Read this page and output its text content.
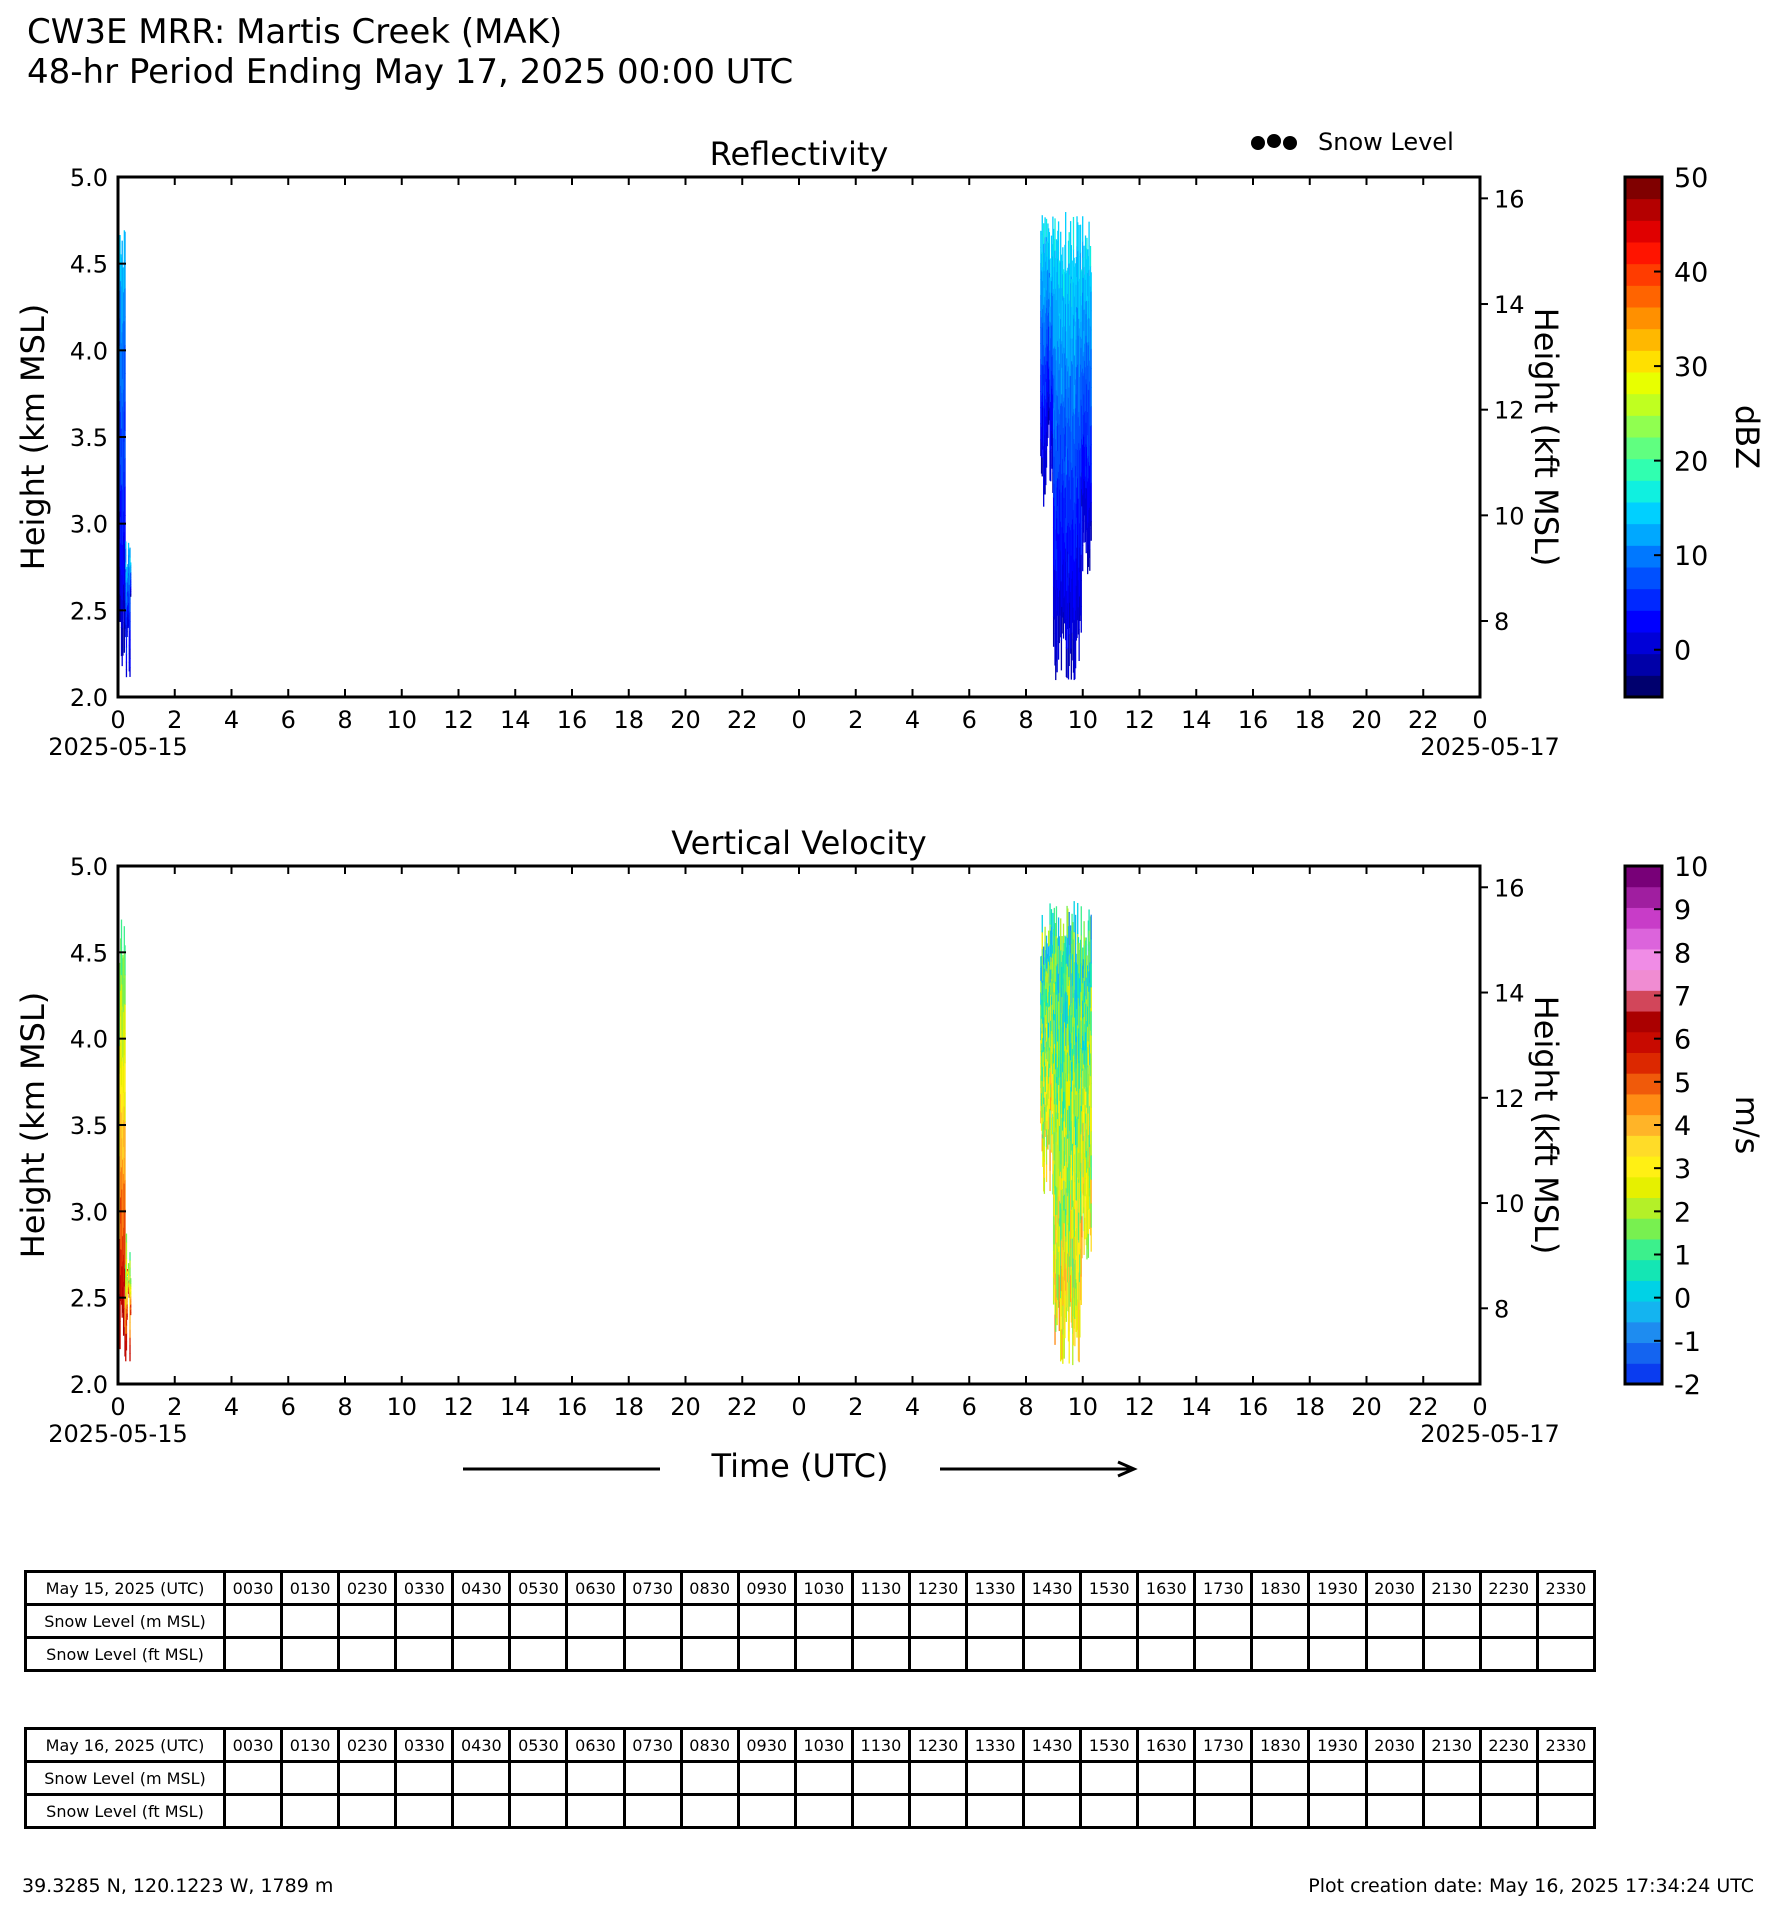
CW3E MRR: Martis Creek (MAK)
48-hr Period Ending May 17, 2025 00:00 UTC
Snow Level
Reflectivity
0 2 4 6 8 10 12 14 16 18 20 22 0 2 4 6 8 10 12 14 16 18 20 22 0
2025-05-15	2025-05-17
2.0
2.5
3.0
3.5
4.0
4.5
5.0
Height (km MSL)
8
10
12
14
16
Height (kft MSL)
0
10
20
30
40
50
dBZ
Vertical Velocity
0 2 4 6 8 10 12 14 16 18 20 22 0 2 4 6 8 10 12 14 16 18 20 22 0
2025-05-15	2025-05-17
2.0
2.5
3.0
3.5
4.0
4.5
5.0
Height (km MSL)
8
10
12
14
16
Height (kft MSL)
-2
-1
0
1
2
3
4
5
6
7
8
9
10
m/s
Time (UTC)
May 15, 2025 (UTC)	0030	0130	0230	0330	0430	0530	0630	0730	0830	0930	1030	1130	1230	1330	1430	1530	1630	1730	1830	1930	2030	2130	2230	2330
Snow Level (m MSL)																								
Snow Level (ft MSL)																								
May 16, 2025 (UTC)	0030	0130	0230	0330	0430	0530	0630	0730	0830	0930	1030	1130	1230	1330	1430	1530	1630	1730	1830	1930	2030	2130	2230	2330
Snow Level (m MSL)																								
Snow Level (ft MSL)																								
39.3285 N, 120.1223 W, 1789 m	Plot creation date: May 16, 2025 17:34:24 UTC
